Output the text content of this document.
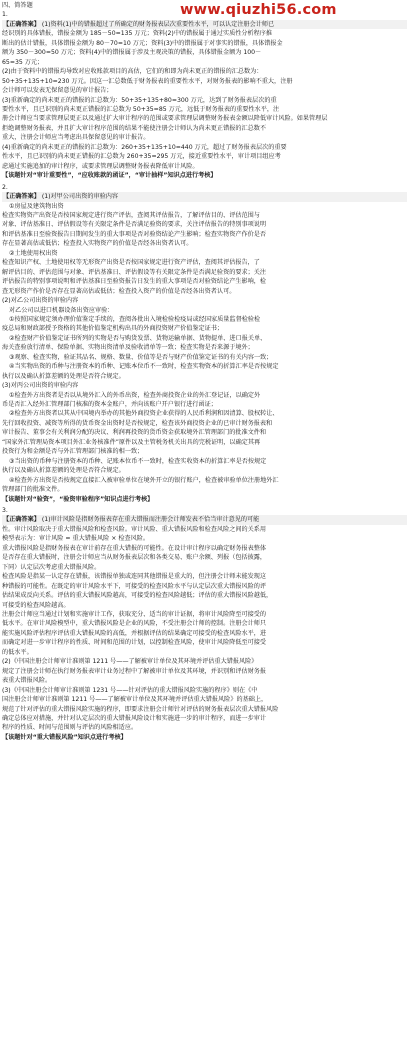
www.qiuzhi56.com

四、简答题

1.

【正确答案】 (1)资料(1)中的错报超过了所确定的财务报表层次重要性水平，可以认定注册会计师已

经识别的具体错报，错报金额为 185－50=135 万元；资料(2)中的错报属于通过实质性分析程序推

断出的估计错报，具体错报金额为 80－70=10 万元；资料(3)中的错报属于对事实的错报，具体错报金

额为 350－300=50 万元；资料(4)中的错报属于涉及主观决策的错报，具体错报金额为 100－

65=35 万元；

(2)由于资料中的错报均导致对应收账款项目的高估，它们的和即为尚未更正的错报的汇总数为：

50+35+135+10=230 万元。因这一汇总数低于财务报表的重要性水平，对财务报表的影响不重大，注册

会计师可以发表无保留意见的审计报告；

(3)重新确定的尚未更正的错报的汇总数为：50+35+135+80=300 万元，达到了财务报表层次的重

要性水平，且已识别的尚未更正错报的汇总数为 50+35=85 万元，远低于财务报表的重要性水平，注

册会计师应当要求管理层更正以及通过扩大审计程序的范围或要求管理层调整财务报表金额以降低审计风险。如果管理层

拒绝调整财务报表，并且扩大审计程序范围的结果不能使注册会计师认为尚未更正错报的汇总数不

重大，注册会计师应当考虑出具保留意见的审计报告。

(4)重新确定的尚未更正的错报的汇总数为：260+35+135+10=440 万元，超过了财务报表层次的重要

性水平，且已识别的尚未更正错报的汇总数为 260+35=295 万元，接近重要性水平，审计项目组应考

虑通过实施追加的审计程序，或要求管理层调整财务报表降低审计风险。

【该题针对“审计重要性”，“应收账款的函证”，“审计抽样”知识点进行考核】

2.

【正确答案】 (1)对甲公司出资的审验内容

①房屋及建筑物出资

检查实物资产出资是否按国家规定进行资产评估，查阅其评估报告，了解评估目的、评估范围与

对象、评估基准日、评估假设等有关限定条件是否满足验资的要求，关注评估报告的特别事项说明

和评估基准日至验资报告日期间发生的重大事项是否对验资结论产生影响；检查实物资产作价是否

存在显著高估或低估；检查投入实物资产的价值是否经各出资者认可。

②土地使用权出资

检查知识产权、土地使用权等无形资产出资是否按国家规定进行资产评估，查阅其评估报告，了

解评估目的、评估范围与对象、评估基准日、评估假设等有关限定条件是否满足验资的要求；关注

评估报告的特别事项说明和评估基准日至验资报告日发生的重大事项是否对验资结论产生影响，检

查无形资产作价是否存在显著高估或低估；检查投入资产的价值是否经各出资者认可。

(2)对乙公司出资的审验内容

对乙公司以进口机器设备出资应审验：

①按照国家规定须办理价值鉴定手续的，查阅各批出入境检验检疫局或经国家质量监督检验检

疫总局和财政部授予资格的其他价值鉴定机构出具的外商投资财产价值鉴定证书；

②检查财产价值鉴定证书所列的实物是否与购货发票、货物运输单据、货物提单、进口报关单、

海关查验放行清单、保险单据、实物出资清单及验收清单等一致；检查实物是否来源于境外；

③观察、检查实物，验证其品名、规格、数量、价值等是否与财产价值鉴定证书的有关内容一致；

④当实物出资的币种与注册资本的币种、记账本位币不一致时，检查实物资本的折算汇率是否按规定

执行以及确认折算差额的处理是否符合规定。

(3)对丙公司出资的审验内容

①检查外方出资者是否以从境外汇入的外币出资，检查外商投资企业的外汇登记证，以确定外

币是否汇入经外汇管理部门核准的资本金账户，并向该账户开户银行进行函证；

②检查外方出资者以其从中国境内举办的其他外商投资企业获得的人民币利润和因清算、股权转让、

先行回收投资、减资等所得的货币资金出资时是否按规定，检查该外商投资企业的已审计财务报表和

审计报告、董事会有关利润分配的决议、利润再投资的货币资金获取境外汇管理部门的批准文件和

“国家外汇管理局资本项目外汇业务核准件”原件以及主管税务机关出具的完税证明，以确定其再

投资行为和金额是否与外汇管理部门核准的相一致；

③当出资的币种与注册资本的币种、记账本位币不一致时，检查实收资本的折算汇率是否按规定

执行以及确认折算差额的处理是否符合规定。

④检查外方出资是否按规定直接汇入被审验单位在境外开立的银行账户，检查被审验单位注册地外汇

管理部门的批准文件。

【该题针对“验资”，“验资审验程序”知识点进行考核】

3.

【正确答案】 (1)审计风险是指财务报表存在重大错报而注册会计师发表不恰当审计意见的可能

性。审计风险取决于重大错报风险和检查风险。审计风险、重大错报风险和检查风险之间的关系用

模型表示为：审计风险 = 重大错报风险 × 检查风险。

重大错报风险是指财务报表在审计前存在重大错报的可能性。在设计审计程序以确定财务报表整体

是否存在重大错报时，注册会计师应当从财务报表层次和各类交易、账户余额、列报（包括披露，

下同）认定层次考虑重大错报风险。

检查风险是指某一认定存在错报，该错报单独或连同其他错报是重大的，但注册会计师未能发现这

种错报的可能性。在既定的审计风险水平下，可接受的检查风险水平与认定层次重大错报风险的评

估结果成反向关系。评估的重大错报风险越高，可接受的检查风险越低；评估的重大错报风险越低，

可接受的检查风险越高。

注册会计师应当通过计划和实施审计工作，获取充分、适当的审计证据，将审计风险降至可接受的

低水平。在审计风险模型中，重大错报风险是企业的风险，不受注册会计师的控制。注册会计师只

能实施风险评估程序评估重大错报风险的高低，并根据评估的结果确定可接受的检查风险水平，进

而确定对进一步审计程序的性质、时间和范围的计划，以控制检查风险，使审计风险降低至可接受

的低水平。

(2)《中国注册会计师审计准则第 1211 号——了解被审计单位及其环境并评估重大错报风险》

规定了注册会计师在执行财务报表审计业务过程中了解被审计单位及其环境，并识别和评估财务报

表重大错报风险。

(3)《中国注册会计师审计准则第 1231 号——针对评估的重大错报风险实施的程序》则在《中

国注册会计师审计准则第 1211 号——了解被审计单位及其环境并评估重大错报风险》的基础上，

规范了针对评估的重大错报风险实施的程序，即要求注册会计师针对评估的财务报表层次重大错报风险

确定总体应对措施，并针对认定层次的重大错报风险设计和实施进一步的审计程序，而进一步审计

程序的性质、时间与范围则与评估的风险相适应。

【该题针对“重大错报风险”知识点进行考核】
